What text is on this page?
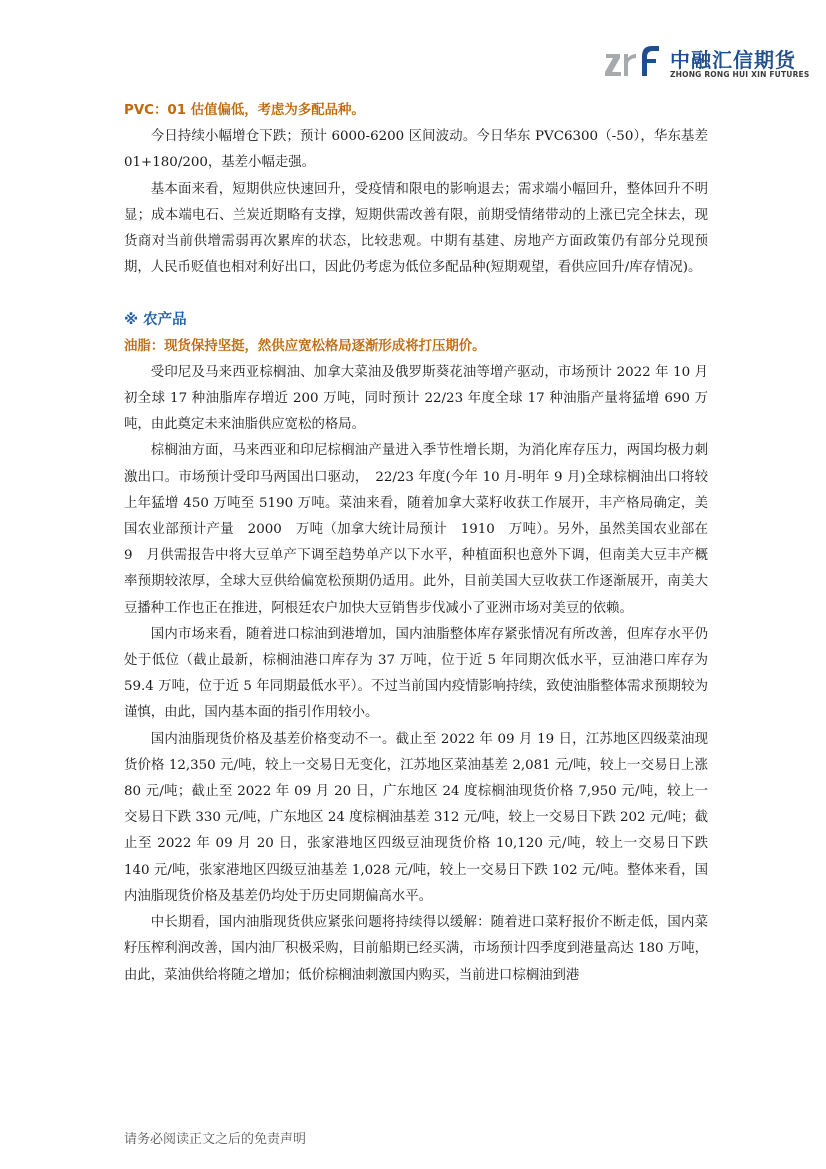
中融汇信期货
ZHONG RONG HUI XIN FUTURES

PVC：01 估值偏低，考虑为多配品种。

今日持续小幅增仓下跌；预计 6000-6200 区间波动。今日华东 PVC6300（-50），华东基差 01+180/200，基差小幅走强。

基本面来看，短期供应快速回升，受疫情和限电的影响退去；需求端小幅回升，整体回升不明显；成本端电石、兰炭近期略有支撑，短期供需改善有限，前期受情绪带动的上涨已完全抹去，现货商对当前供增需弱再次累库的状态，比较悲观。中期有基建、房地产方面政策仍有部分兑现预期，人民币贬值也相对利好出口，因此仍考虑为低位多配品种(短期观望，看供应回升/库存情况)。

※ 农产品

油脂：现货保持坚挺，然供应宽松格局逐渐形成将打压期价。

受印尼及马来西亚棕榈油、加拿大菜油及俄罗斯葵花油等增产驱动，市场预计 2022 年 10 月初全球 17 种油脂库存増近 200 万吨，同时预计 22/23 年度全球 17 种油脂产量将猛增 690 万吨，由此奠定未来油脂供应宽松的格局。

棕榈油方面，马来西亚和印尼棕榈油产量进入季节性增长期，为消化库存压力，两国均极力刺激出口。市场预计受印马两国出口驱动，　22/23 年度(今年 10 月-明年 9 月)全球棕榈油出口将较上年猛增 450 万吨至 5190 万吨。菜油来看，随着加拿大菜籽收获工作展开，丰产格局确定，美国农业部预计产量　2000　万吨（加拿大统计局预计　1910　万吨）。另外，虽然美国农业部在　9　月供需报告中将大豆单产下调至趋势单产以下水平，种植面积也意外下调，但南美大豆丰产概率预期较浓厚，全球大豆供给偏宽松预期仍适用。此外，目前美国大豆收获工作逐渐展开，南美大豆播种工作也正在推进，阿根廷农户加快大豆销售步伐减小了亚洲市场对美豆的依赖。

国内市场来看，随着进口棕油到港增加，国内油脂整体库存紧张情况有所改善，但库存水平仍处于低位（截止最新，棕榈油港口库存为 37 万吨，位于近 5 年同期次低水平，豆油港口库存为 59.4 万吨，位于近 5 年同期最低水平）。不过当前国内疫情影响持续，致使油脂整体需求预期较为谨慎，由此，国内基本面的指引作用较小。

国内油脂现货价格及基差价格变动不一。截止至 2022 年 09 月 19 日，江苏地区四级菜油现货价格 12,350 元/吨，较上一交易日无变化，江苏地区菜油基差 2,081 元/吨，较上一交易日上涨 80 元/吨；截止至 2022 年 09 月 20 日，广东地区 24 度棕榈油现货价格 7,950 元/吨，较上一交易日下跌 330 元/吨，广东地区 24 度棕榈油基差 312 元/吨，较上一交易日下跌 202 元/吨；截止至 2022 年 09 月 20 日，张家港地区四级豆油现货价格 10,120 元/吨，较上一交易日下跌 140 元/吨，张家港地区四级豆油基差 1,028 元/吨，较上一交易日下跌 102 元/吨。整体来看，国内油脂现货价格及基差仍均处于历史同期偏高水平。

中长期看，国内油脂现货供应紧张问题将持续得以缓解：随着进口菜籽报价不断走低，国内菜籽压榨利润改善，国内油厂积极采购，目前船期已经买满，市场预计四季度到港量高达 180 万吨，由此，菜油供给将随之增加；低价棕榈油刺激国内购买，当前进口棕榈油到港

请务必阅读正文之后的免责声明
